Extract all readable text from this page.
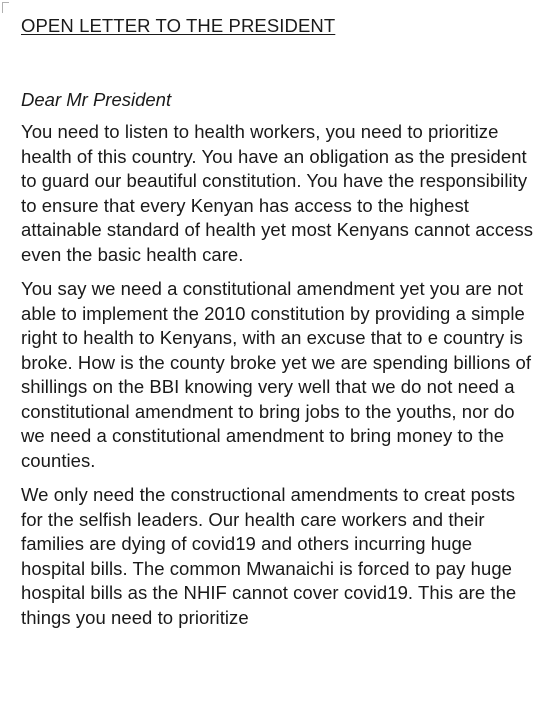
OPEN LETTER TO THE PRESIDENT

Dear Mr President

You need to listen to health workers, you need to prioritize health of this country. You have an obligation as the president to guard our beautiful constitution. You have the responsibility to ensure that every Kenyan has access to the highest attainable standard of health yet most Kenyans cannot access even the basic health care.

You say we need a constitutional amendment yet you are not able to implement the 2010 constitution by providing a simple right to health to Kenyans, with an excuse that to e country is broke. How is the county broke yet we are spending billions of shillings on the BBI knowing very well that we do not need a constitutional amendment to bring jobs to the youths, nor do we need a constitutional amendment to bring money to the counties.

We only need the constructional amendments to creat posts for the selfish leaders. Our health care workers and their families are dying of covid19 and others incurring huge hospital bills. The common Mwanaichi is forced to pay huge hospital bills as the NHIF cannot cover covid19. This are the things you need to prioritize
